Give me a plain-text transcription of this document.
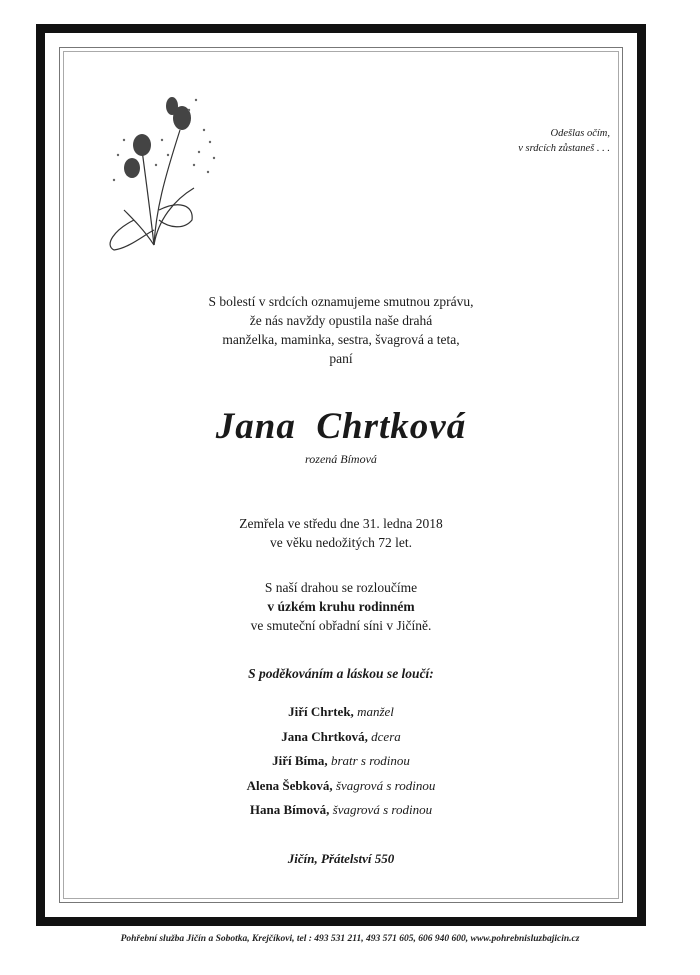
Odešlas očím,
v srdcích zůstaneš . . .
S bolestí v srdcích oznamujeme smutnou zprávu,
že nás navždy opustila naše drahá
manželka, maminka, sestra, švagrová a teta,
paní
Jana  Chrtková
rozená Bímová
Zemřela ve středu dne 31. ledna 2018
ve věku nedožitých 72 let.
S naší drahou se rozloučíme
v úzkém kruhu rodinném
ve smuteční obřadní síni v Jičíně.
S poděkováním a láskou se loučí:
Jiří Chrtek, manžel
Jana Chrtková, dcera
Jiří Bíma, bratr s rodinou
Alena Šebková, švagrová s rodinou
Hana Bímová, švagrová s rodinou
Jičín, Přátelství 550
Pohřební služba Jičín a Sobotka, Krejčíkovi, tel : 493 531 211, 493 571 605, 606 940 600, www.pohrebnisluzbajicin.cz
